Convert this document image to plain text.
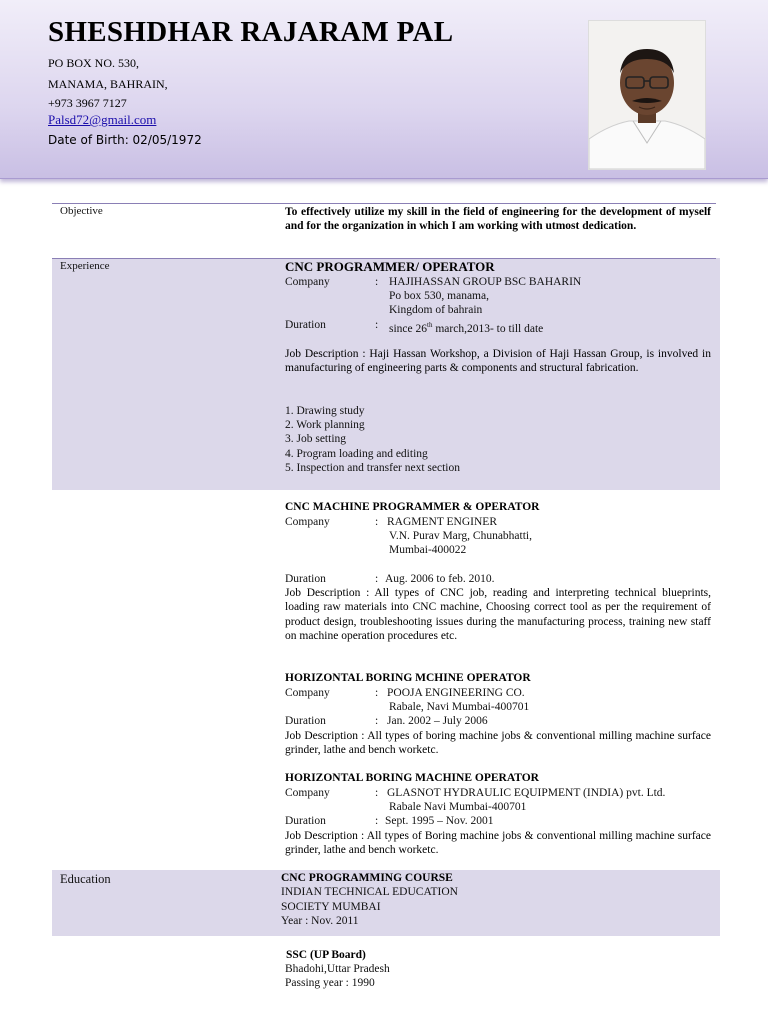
SHESHDHAR RAJARAM PAL
PO BOX NO. 530,
MANAMA, BAHRAIN,
+973 3967 7127
Palsd72@gmail.com
Date of Birth: 02/05/1972
Objective	To effectively utilize my skill in the field of engineering for the development of myself and for the organization in which I am working with utmost dedication.
Experience	CNC PROGRAMMER/ OPERATOR
Company	: HAJIHASSAN GROUP BSC BAHARIN
Po box 530, manama,
Kingdom of bahrain
Duration	: since 26th march,2013- to till date
Job Description : Haji Hassan Workshop, a Division of Haji Hassan Group, is involved in manufacturing of engineering parts & components and structural fabrication.
1. Drawing study
2. Work planning
3. Job setting
4. Program loading and editing
5. Inspection and transfer next section
CNC MACHINE PROGRAMMER & OPERATOR
Company	: RAGMENT ENGINER
V.N. Purav Marg, Chunabhatti,
Mumbai-400022
Duration	: Aug. 2006 to feb. 2010.
Job Description : All types of CNC job, reading and interpreting technical blueprints, loading raw materials into CNC machine, Choosing correct tool as per the requirement of product design, troubleshooting issues during the manufacturing process, training new staff on machine operation procedures etc.
HORIZONTAL BORING MCHINE OPERATOR
Company	: POOJA ENGINEERING CO.
Rabale, Navi Mumbai-400701
Duration	: Jan. 2002 – July 2006
Job Description : All types of boring machine jobs & conventional milling machine surface grinder, lathe and bench worketc.
HORIZONTAL BORING MACHINE OPERATOR
Company	: GLASNOT HYDRAULIC EQUIPMENT (INDIA) pvt. Ltd.
Rabale Navi Mumbai-400701
Duration	: Sept. 1995 – Nov. 2001
Job Description : All types of Boring machine jobs & conventional milling machine surface grinder, lathe and bench worketc.
Education	CNC PROGRAMMING COURSE
INDIAN TECHNICAL EDUCATION
SOCIETY MUMBAI
Year : Nov. 2011
SSC (UP Board)
Bhadohi,Uttar Pradesh
Passing year : 1990
